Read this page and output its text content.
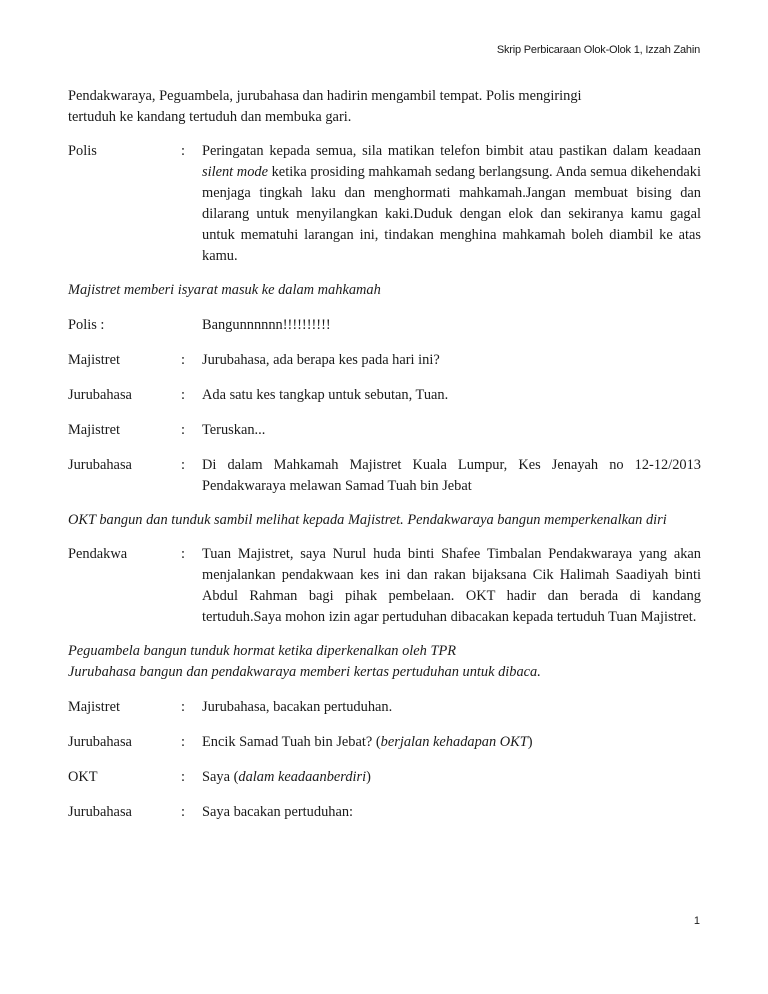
Skrip Perbicaraan Olok-Olok 1, Izzah Zahin

Pendakwaraya, Peguambela, jurubahasa dan hadirin mengambil tempat. Polis mengiringi
tertuduh ke kandang tertuduh dan membuka gari.

Polis	:	Peringatan kepada semua, sila matikan telefon bimbit atau pastikan dalam keadaan silent mode ketika prosiding mahkamah sedang berlangsung. Anda semua dikehendaki menjaga tingkah laku dan menghormati mahkamah.Jangan membuat bising dan dilarang untuk menyilangkan kaki.Duduk dengan elok dan sekiranya kamu gagal untuk mematuhi larangan ini, tindakan menghina mahkamah boleh diambil ke atas kamu.

Majistret memberi isyarat masuk ke dalam mahkamah

Polis :	Bangunnnnnn!!!!!!!!!!
Majistret	:	Jurubahasa, ada berapa kes pada hari ini?
Jurubahasa	:	Ada satu kes tangkap untuk sebutan, Tuan.
Majistret	:	Teruskan...
Jurubahasa	:	Di dalam Mahkamah Majistret Kuala Lumpur, Kes Jenayah no 12-12/2013 Pendakwaraya melawan Samad Tuah bin Jebat

OKT bangun dan tunduk sambil melihat kepada Majistret. Pendakwaraya bangun memperkenalkan diri

Pendakwa	:	Tuan Majistret, saya Nurul huda binti Shafee Timbalan Pendakwaraya yang akan menjalankan pendakwaan kes ini dan rakan bijaksana Cik Halimah Saadiyah binti Abdul Rahman bagi pihak pembelaan. OKT hadir dan berada di kandang tertuduh.Saya mohon izin agar pertuduhan dibacakan kepada tertuduh Tuan Majistret.

Peguambela bangun tunduk hormat ketika diperkenalkan oleh TPR
Jurubahasa bangun dan pendakwaraya memberi kertas pertuduhan untuk dibaca.

Majistret	:	Jurubahasa, bacakan pertuduhan.
Jurubahasa	:	Encik Samad Tuah bin Jebat? (berjalan kehadapan OKT)
OKT	:	Saya (dalam keadaanberdiri)
Jurubahasa	:	Saya bacakan pertuduhan:
1
